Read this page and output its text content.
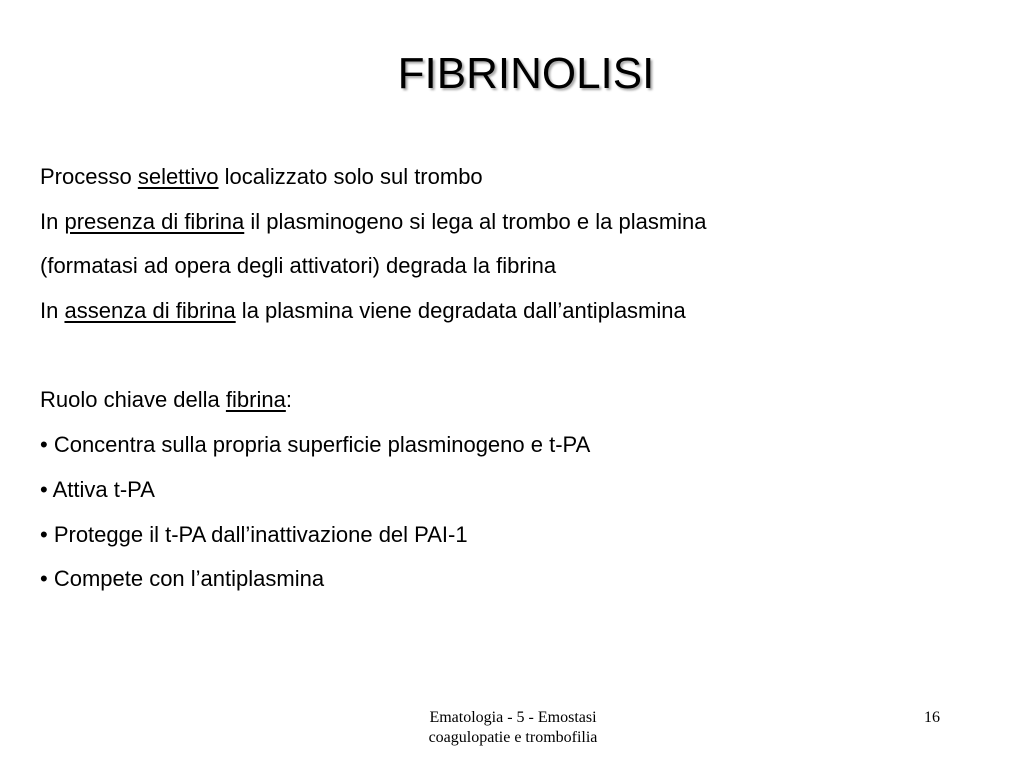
FIBRINOLISI
Processo selettivo localizzato solo sul trombo
In presenza di fibrina il plasminogeno si lega al trombo e la plasmina
(formatasi ad opera degli attivatori) degrada la fibrina
In assenza di fibrina la plasmina viene degradata dall’antiplasmina
Ruolo chiave della fibrina:
• Concentra sulla propria superficie plasminogeno e t-PA
• Attiva t-PA
• Protegge il t-PA dall’inattivazione del PAI-1
• Compete con l’antiplasmina
Ematologia - 5 - Emostasi
coagulopatie e trombofilia
16
